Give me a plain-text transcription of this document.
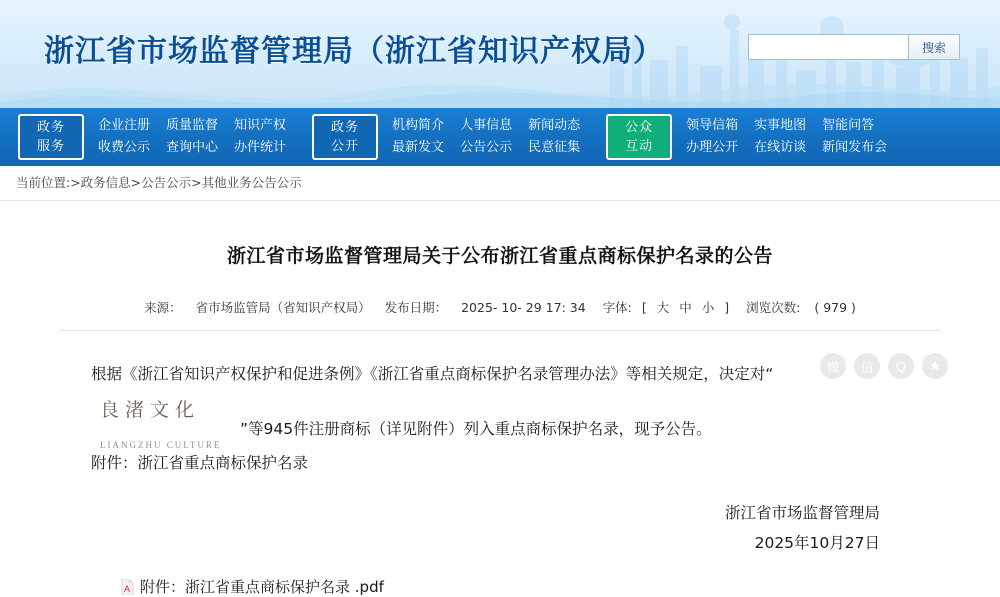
浙江省市场监督管理局（浙江省知识产权局）	搜索
政务
服务
企业注册 质量监督 知识产权
收费公示 查询中心 办件统计
政务
公开
机构简介 人事信息 新闻动态
最新发文 公告公示 民意征集
公众
互动
领导信箱 实事地图 智能问答
办理公开 在线访谈 新闻发布会
当前位置:>政务信息>公告公示>其他业务公告公示
浙江省市场监督管理局关于公布浙江省重点商标保护名录的公告
来源： 省市场监管局（省知识产权局） 发布日期： 2025- 10- 29 17: 34 字体: [ 大 中 小 ] 浏览次数: ( 979 )
微	信	Q	★
根据《浙江省知识产权保护和促进条例》《浙江省重点商标保护名录管理办法》等相关规定，决定对“
良渚文化
LIANGZHU CULTURE
”等945件注册商标（详见附件）列入重点商标保护名录，现予公告。
附件：浙江省重点商标保护名录
浙江省市场监督管理局
2025年10月27日
A 附件： 浙江省重点商标保护名录 .pdf
